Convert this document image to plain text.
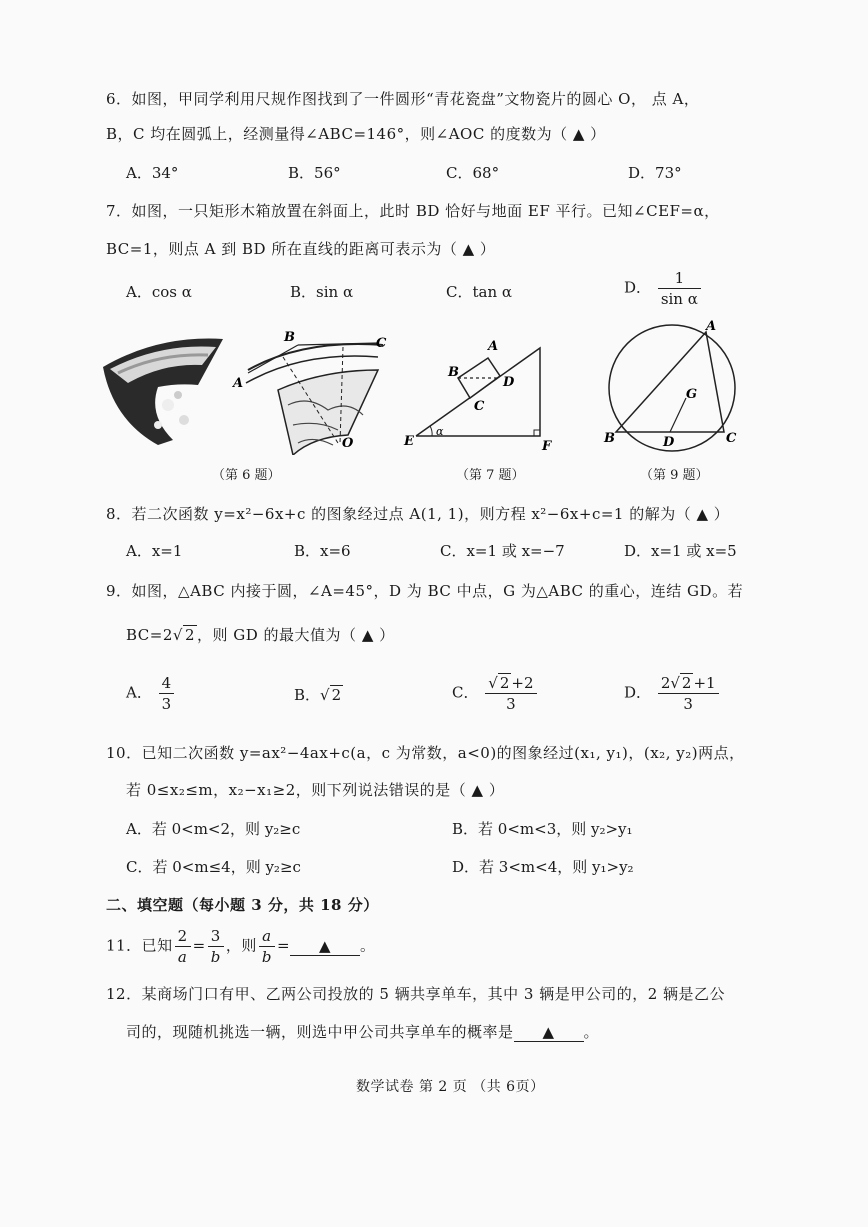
6．如图，甲同学利用尺规作图找到了一件圆形“青花瓷盘”文物瓷片的圆心 O， 点 A，
B，C 均在圆弧上，经测量得∠ABC=146°，则∠AOC 的度数为（ ▲ ）
A．34°	B．56°	C．68°	D．73°
7．如图，一只矩形木箱放置在斜面上，此时 BD 恰好与地面 EF 平行。已知∠CEF=α，
BC=1，则点 A 到 BD 所在直线的距离可表示为（ ▲ ）
A．cos α	B．sin α	C．tan α	D． $\frac{1}{\text{sin α}}$
B	C
A
O
A
B
D
C
E
α
F
A
G
B	D	C
（第 6 题）	（第 7 题）	（第 9 题）
8．若二次函数 y=x²−6x+c 的图象经过点 A(1, 1)，则方程 x²−6x+c=1 的解为（ ▲ ）
A．x=1	B．x=6	C．x=1 或 x=−7	D．x=1 或 x=5
9．如图，△ABC 内接于圆，∠A=45°，D 为 BC 中点，G 为△ABC 的重心，连结 GD。若
BC=2√ 2 ，则 GD 的最大值为（ ▲ ）
A． $\frac{4}{3}$	B．√ 2	C． $\frac{√ 2 +2}{3}$	D． $\frac{2√ 2 +1}{3}$
10．已知二次函数 y=ax²−4ax+c(a，c 为常数，a<0)的图象经过(x₁, y₁)，(x₂, y₂)两点，
若 0≤x₂≤m，x₂−x₁≥2，则下列说法错误的是（ ▲ ）
A．若 0<m<2，则 y₂≥c	B．若 0<m<3，则 y₂>y₁
C．若 0<m≤4，则 y₂≥c	D．若 3<m<4，则 y₁>y₂
二、填空题（每小题 3 分，共 18 分）
11．已知 $\frac{2}{a} = \frac{3}{b}$ ，则 $\frac{a}{b}$ = ▲ 。
12．某商场门口有甲、乙两公司投放的 5 辆共享单车，其中 3 辆是甲公司的，2 辆是乙公
司的，现随机挑选一辆，则选中甲公司共享单车的概率是 ▲ 。
数学试卷 第 2 页 （共 6页）
